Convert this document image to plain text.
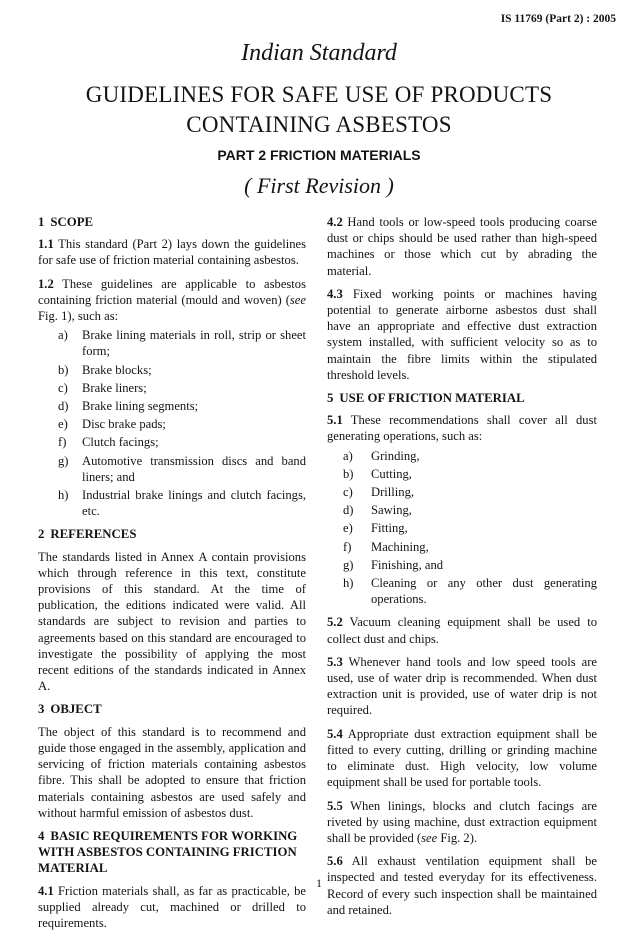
IS 11769 (Part 2) : 2005
Indian Standard
GUIDELINES FOR SAFE USE OF PRODUCTS
CONTAINING ASBESTOS
PART 2 FRICTION MATERIALS
( First Revision )
1 SCOPE

1.1 This standard (Part 2) lays down the guidelines for safe use of friction material containing asbestos.

1.2 These guidelines are applicable to asbestos containing friction material (mould and woven) (see Fig. 1), such as:

a) Brake lining materials in roll, strip or sheet form;
b) Brake blocks;
c) Brake liners;
d) Brake lining segments;
e) Disc brake pads;
f) Clutch facings;
g) Automotive transmission discs and band liners; and
h) Industrial brake linings and clutch facings, etc.
2 REFERENCES

The standards listed in Annex A contain provisions which through reference in this text, constitute provisions of this standard. At the time of publication, the editions indicated were valid. All standards are subject to revision and parties to agreements based on this standard are encouraged to investigate the possibility of applying the most recent editions of the standards indicated in Annex A.

3 OBJECT

The object of this standard is to recommend and guide those engaged in the assembly, application and servicing of friction materials containing asbestos fibre. This shall be adopted to ensure that friction materials containing asbestos are used safely and without harmful emission of asbestos dust.

4 BASIC REQUIREMENTS FOR WORKING WITH ASBESTOS CONTAINING FRICTION MATERIAL

4.1 Friction materials shall, as far as practicable, be supplied already cut, machined or drilled to requirements.

4.2 Hand tools or low-speed tools producing coarse dust or chips should be used rather than high-speed machines or those which cut by abrading the material.

4.3 Fixed working points or machines having potential to generate airborne asbestos dust shall have an appropriate and effective dust extraction system installed, with sufficient velocity so as to maintain the fibre limits within the stipulated threshold levels.

5 USE OF FRICTION MATERIAL

5.1 These recommendations shall cover all dust generating operations, such as:

a) Grinding,
b) Cutting,
c) Drilling,
d) Sawing,
e) Fitting,
f) Machining,
g) Finishing, and
h) Cleaning or any other dust generating operations.

5.2 Vacuum cleaning equipment shall be used to collect dust and chips.

5.3 Whenever hand tools and low speed tools are used, use of water drip is recommended. When dust extraction unit is provided, use of water drip is not required.

5.4 Appropriate dust extraction equipment shall be fitted to every cutting, drilling or grinding machine to eliminate dust. High velocity, low volume equipment shall be used for portable tools.

5.5 When linings, blocks and clutch facings are riveted by using machine, dust extraction equipment shall be provided (see Fig. 2).

5.6 All exhaust ventilation equipment shall be inspected and tested everyday for its effectiveness. Record of every such inspection shall be maintained and retained.

1
